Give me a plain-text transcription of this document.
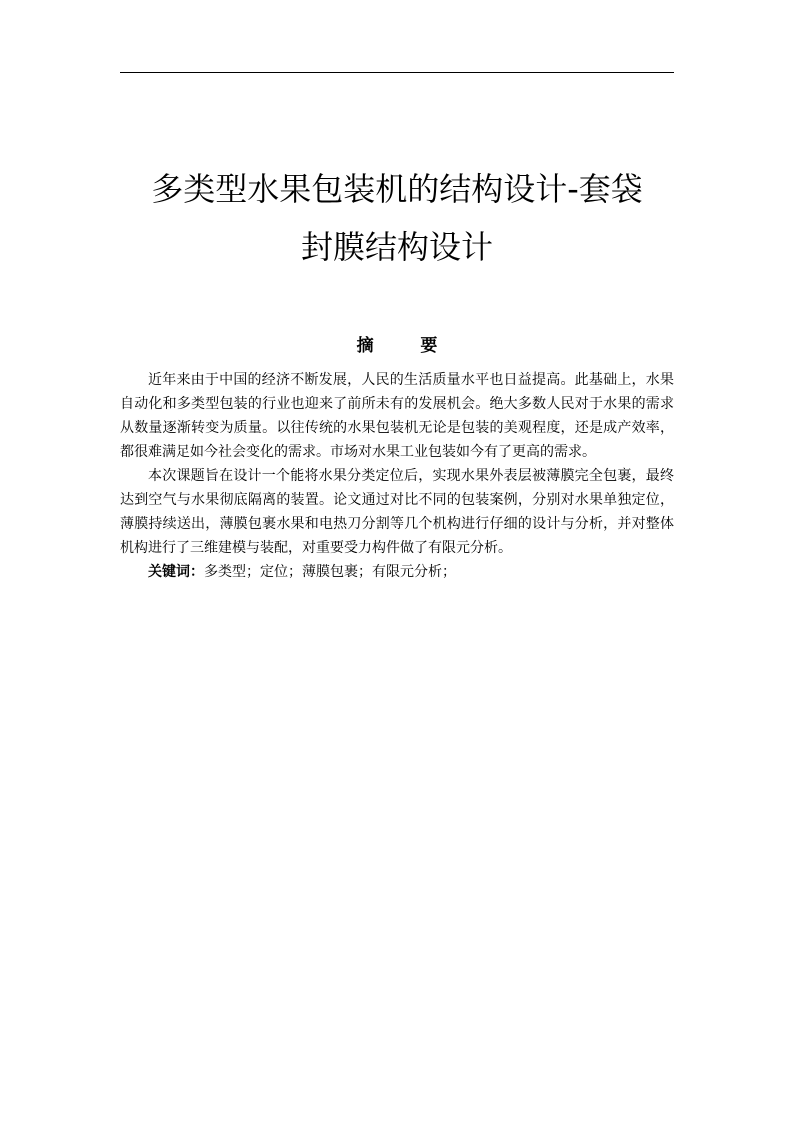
多类型水果包装机的结构设计-套袋
封膜结构设计
摘 要

近年来由于中国的经济不断发展，人民的生活质量水平也日益提高。此基础上，水果自动化和多类型包装的行业也迎来了前所未有的发展机会。绝大多数人民对于水果的需求从数量逐渐转变为质量。以往传统的水果包装机无论是包装的美观程度，还是成产效率，都很难满足如今社会变化的需求。市场对水果工业包装如今有了更高的需求。

本次课题旨在设计一个能将水果分类定位后，实现水果外表层被薄膜完全包裹，最终达到空气与水果彻底隔离的装置。论文通过对比不同的包装案例，分别对水果单独定位，薄膜持续送出，薄膜包裹水果和电热刀分割等几个机构进行仔细的设计与分析，并对整体机构进行了三维建模与装配，对重要受力构件做了有限元分析。

关键词：多类型；定位；薄膜包裹；有限元分析；
